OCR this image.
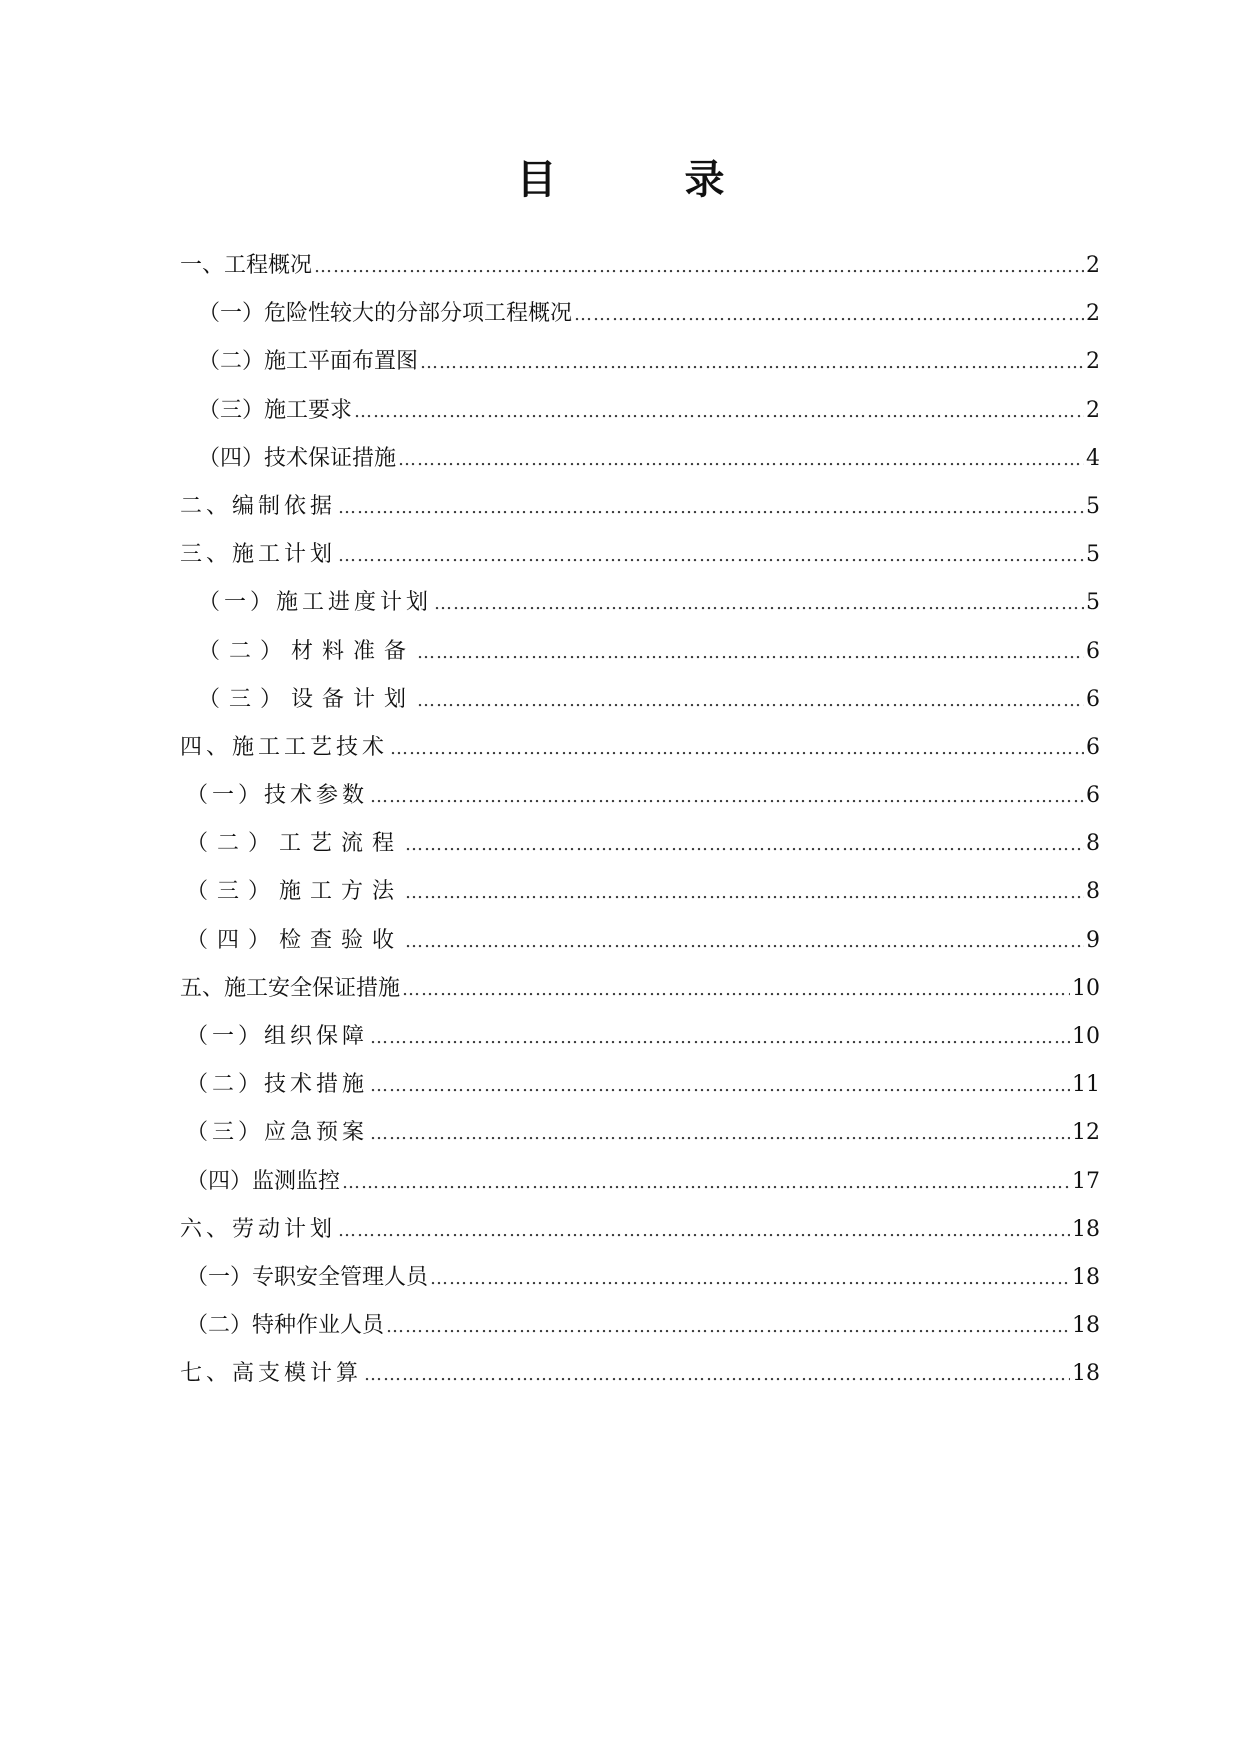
目　录
一、工程概况 ……………………………………………………………………………………………………………………………………………………………………	2
（一）危险性较大的分部分项工程概况 ……………………………………………………………………………………………………………………………………………………………………	2
（二）施工平面布置图 ……………………………………………………………………………………………………………………………………………………………………	2
（三）施工要求 ……………………………………………………………………………………………………………………………………………………………………	2
（四）技术保证措施 ……………………………………………………………………………………………………………………………………………………………………	4
二、编制依据 ……………………………………………………………………………………………………………………………………………………………………	5
三、施工计划 ……………………………………………………………………………………………………………………………………………………………………	5
（一）施工进度计划 ……………………………………………………………………………………………………………………………………………………………………	5
（二）材料准备 ……………………………………………………………………………………………………………………………………………………………………	6
（三）设备计划 ……………………………………………………………………………………………………………………………………………………………………	6
四、施工工艺技术 ……………………………………………………………………………………………………………………………………………………………………	6
（一）技术参数 ……………………………………………………………………………………………………………………………………………………………………	6
（二）工艺流程 ……………………………………………………………………………………………………………………………………………………………………	8
（三）施工方法 ……………………………………………………………………………………………………………………………………………………………………	8
（四）检查验收 ……………………………………………………………………………………………………………………………………………………………………	9
五、施工安全保证措施 ……………………………………………………………………………………………………………………………………………………………………	10
（一）组织保障 ……………………………………………………………………………………………………………………………………………………………………	10
（二）技术措施 ……………………………………………………………………………………………………………………………………………………………………	11
（三）应急预案 ……………………………………………………………………………………………………………………………………………………………………	12
（四）监测监控 ……………………………………………………………………………………………………………………………………………………………………	17
六、劳动计划 ……………………………………………………………………………………………………………………………………………………………………	18
（一）专职安全管理人员 ……………………………………………………………………………………………………………………………………………………………………	18
（二）特种作业人员 ……………………………………………………………………………………………………………………………………………………………………	18
七、高支模计算 ……………………………………………………………………………………………………………………………………………………………………	18
